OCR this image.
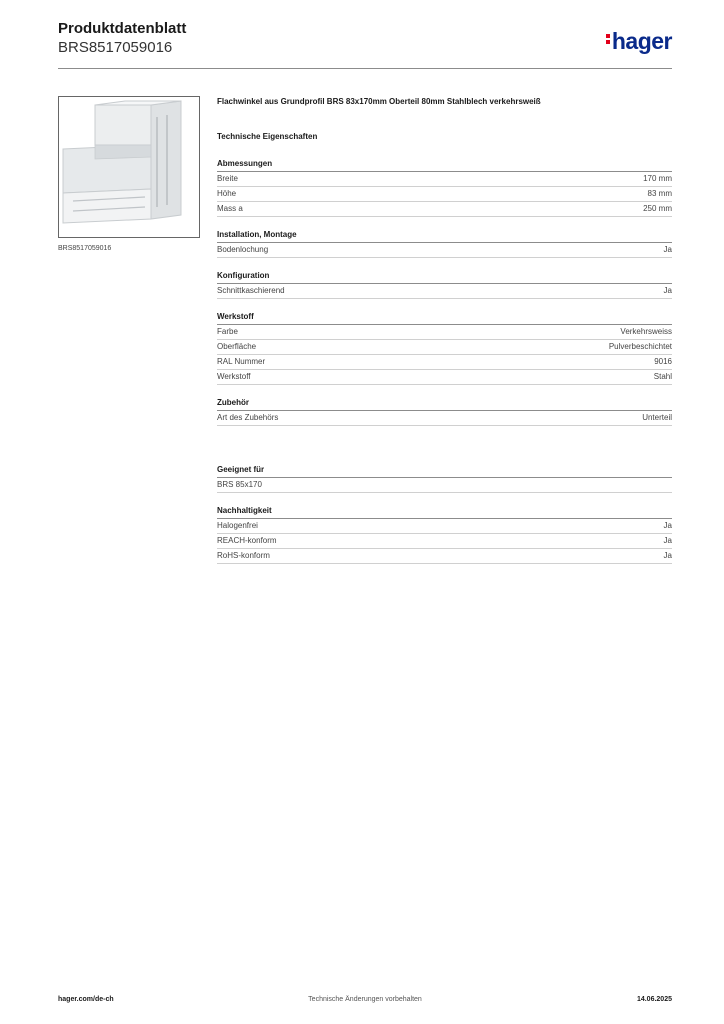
Produktdatenblatt
BRS8517059016	hager
BRS8517059016
Flachwinkel aus Grundprofil BRS 83x170mm Oberteil 80mm Stahlblech verkehrsweiß
Technische Eigenschaften
Abmessungen
Breite	170 mm
Höhe	83 mm
Mass a	250 mm
Installation, Montage
Bodenlochung	Ja
Konfiguration
Schnittkaschierend	Ja
Werkstoff
Farbe	Verkehrsweiss
Oberfläche	Pulverbeschichtet
RAL Nummer	9016
Werkstoff	Stahl
Zubehör
Art des Zubehörs	Unterteil
Geeignet für
BRS 85x170
Nachhaltigkeit
Halogenfrei	Ja
REACH-konform	Ja
RoHS-konform	Ja
Technische Änderungen vorbehalten
hager.com/de-ch	14.06.2025
